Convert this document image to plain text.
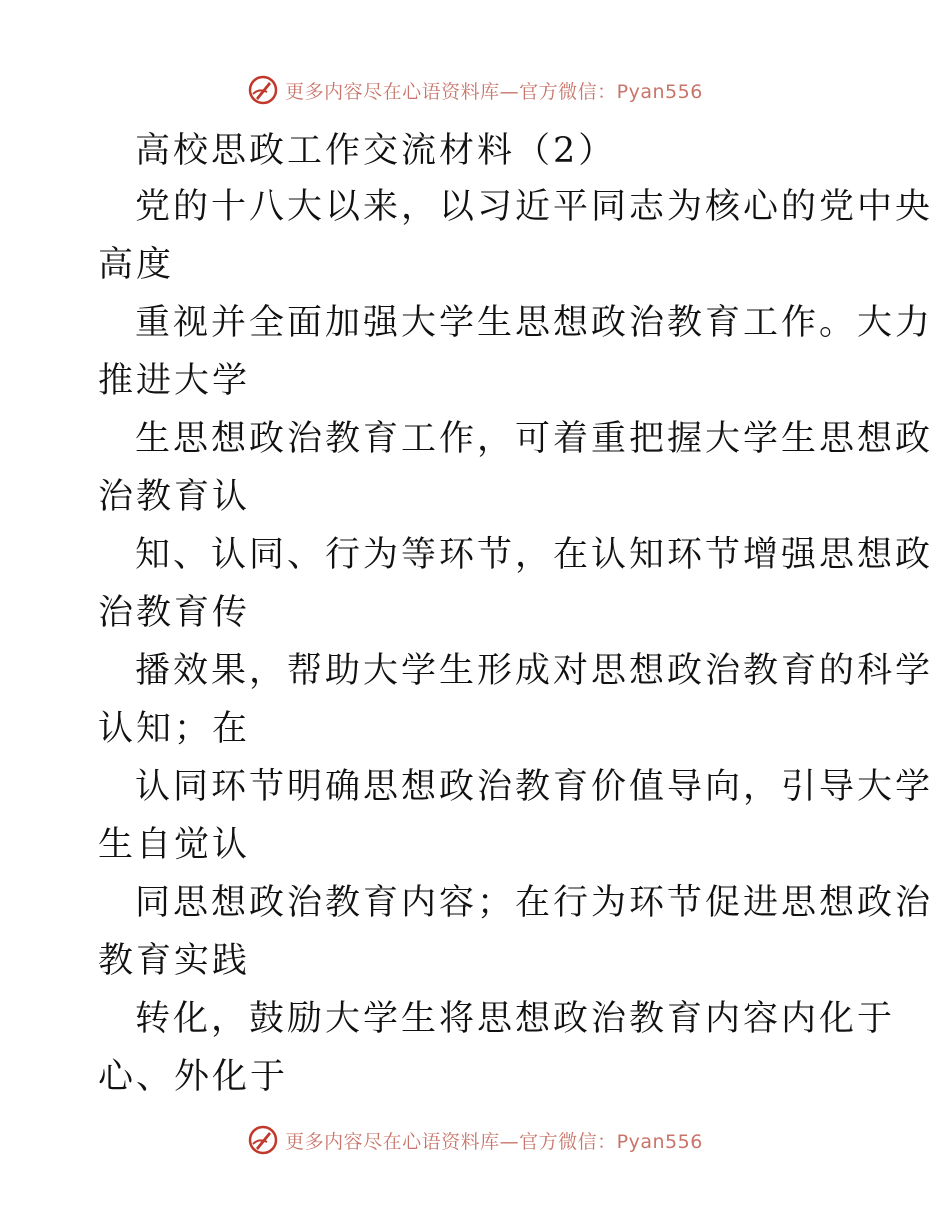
更多内容尽在心语资料库—官方微信：Pyan556
高校思政工作交流材料（2）
党的十八大以来，以习近平同志为核心的党中央
高度
重视并全面加强大学生思想政治教育工作。大力
推进大学
生思想政治教育工作，可着重把握大学生思想政
治教育认
知、认同、行为等环节，在认知环节增强思想政
治教育传
播效果，帮助大学生形成对思想政治教育的科学
认知；在
认同环节明确思想政治教育价值导向，引导大学
生自觉认
同思想政治教育内容；在行为环节促进思想政治
教育实践
转化，鼓励大学生将思想政治教育内容内化于
心、外化于
更多内容尽在心语资料库—官方微信：Pyan556
